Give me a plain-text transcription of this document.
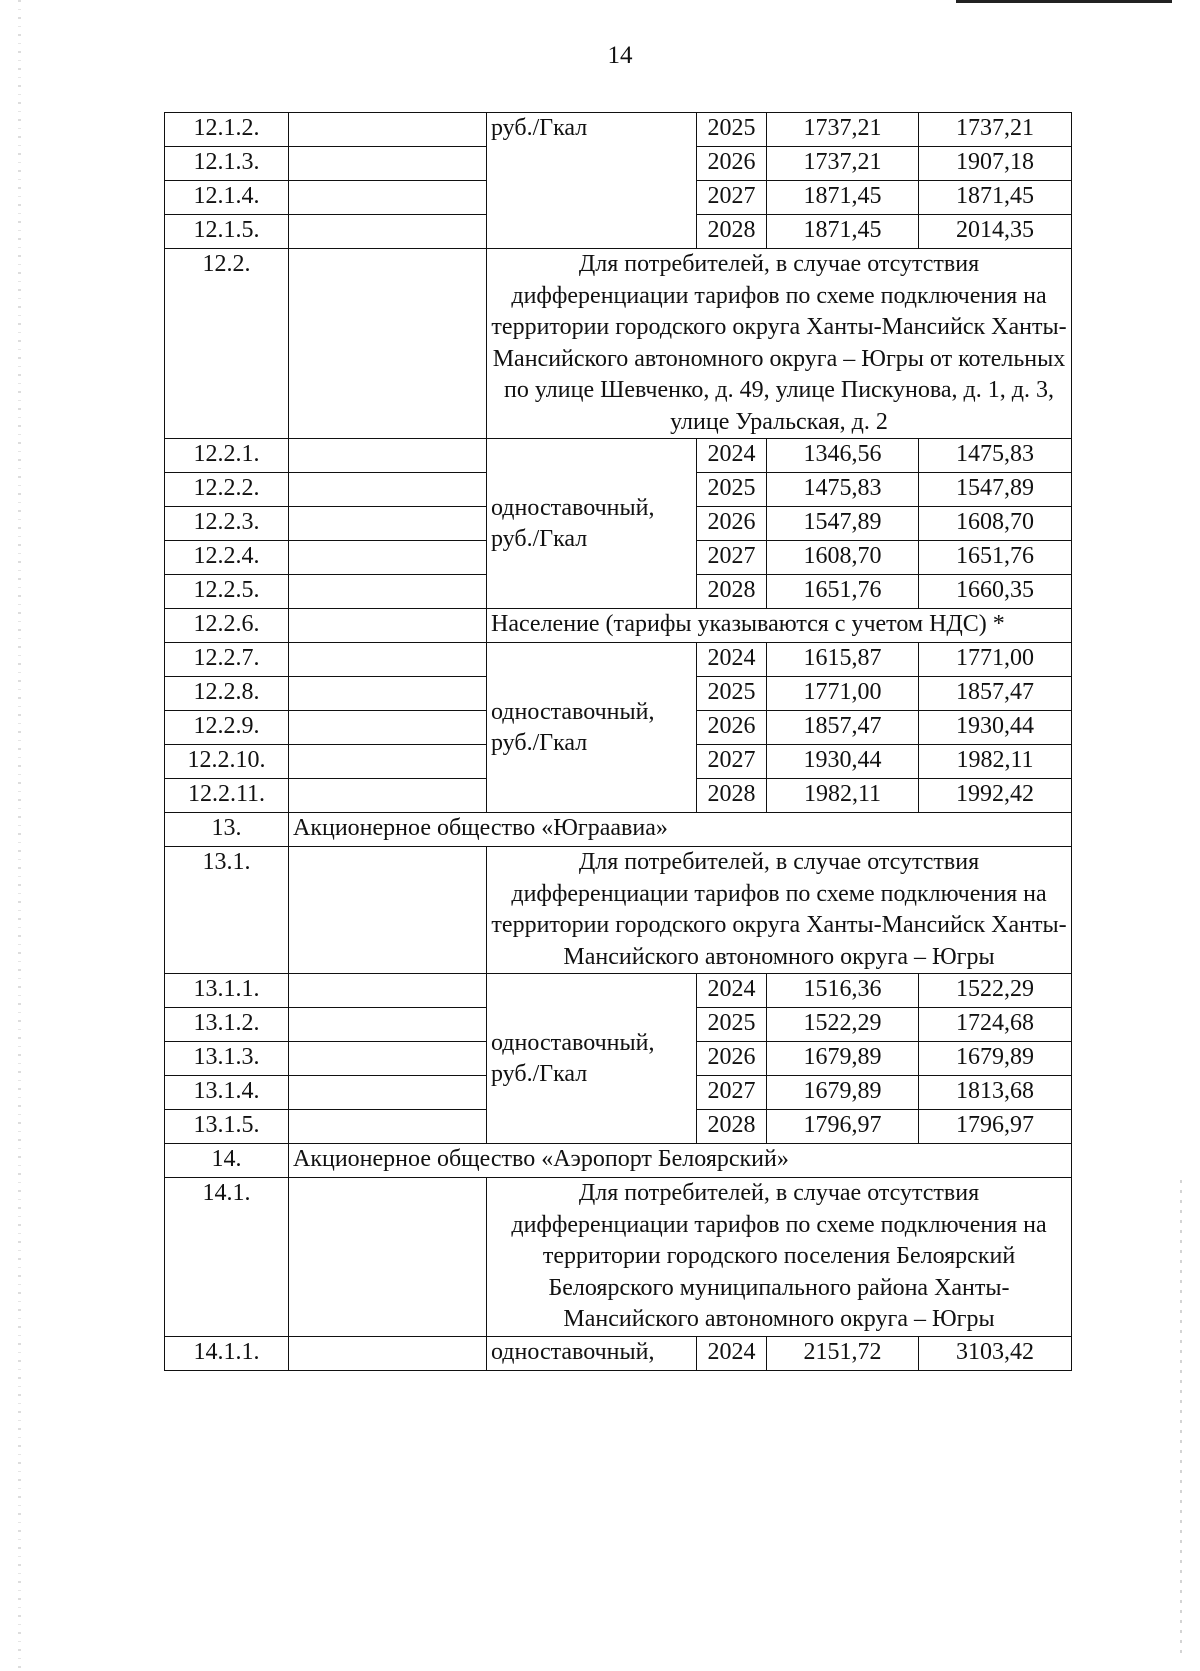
14
12.1.2.		руб./Гкал	2025	1737,21	1737,21
12.1.3.			2026	1737,21	1907,18
12.1.4.			2027	1871,45	1871,45
12.1.5.			2028	1871,45	2014,35
12.2.		Для потребителей, в случае отсутствия дифференциации тарифов по схеме подключения на территории городского округа Ханты-Мансийск Ханты-Мансийского автономного округа – Югры от котельных по улице Шевченко, д. 49, улице Пискунова, д. 1, д. 3, улице Уральская, д. 2			
12.2.1.		одноставочный, руб./Гкал	2024	1346,56	1475,83
12.2.2.			2025	1475,83	1547,89
12.2.3.			2026	1547,89	1608,70
12.2.4.			2027	1608,70	1651,76
12.2.5.			2028	1651,76	1660,35
12.2.6.		Население (тарифы указываются с учетом НДС) *			
12.2.7.		одноставочный, руб./Гкал	2024	1615,87	1771,00
12.2.8.			2025	1771,00	1857,47
12.2.9.			2026	1857,47	1930,44
12.2.10.			2027	1930,44	1982,11
12.2.11.			2028	1982,11	1992,42
13.	Акционерное общество «Юграавиа»				
13.1.		Для потребителей, в случае отсутствия дифференциации тарифов по схеме подключения на территории городского округа Ханты-Мансийск Ханты-Мансийского автономного округа – Югры			
13.1.1.		одноставочный, руб./Гкал	2024	1516,36	1522,29
13.1.2.			2025	1522,29	1724,68
13.1.3.			2026	1679,89	1679,89
13.1.4.			2027	1679,89	1813,68
13.1.5.			2028	1796,97	1796,97
14.	Акционерное общество «Аэропорт Белоярский»				
14.1.		Для потребителей, в случае отсутствия дифференциации тарифов по схеме подключения на территории городского поселения Белоярский Белоярского муниципального района Ханты-Мансийского автономного округа – Югры			
14.1.1.		одноставочный,	2024	2151,72	3103,42
